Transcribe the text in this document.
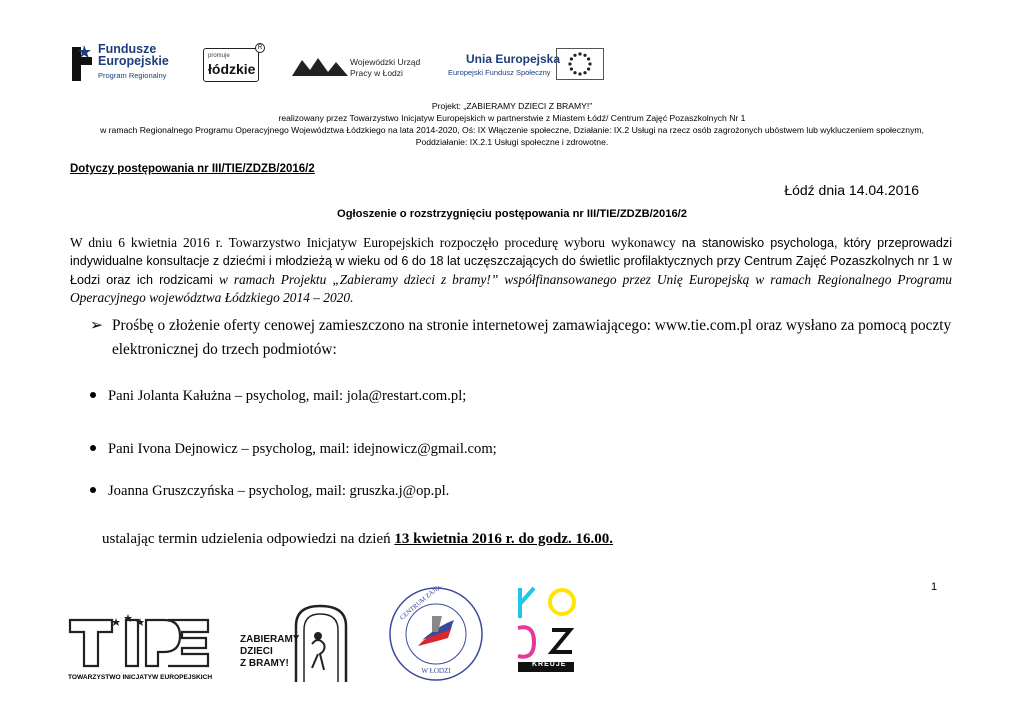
Fundusze
Europejskie
Program Regionalny
promuje
łódzkie
R
Wojewódzki Urząd
Pracy w Łodzi
Unia Europejska
Europejski Fundusz Społeczny
Projekt: „ZABIERAMY DZIECI Z BRAMY!”
realizowany przez Towarzystwo Inicjatyw Europejskich w partnerstwie z Miastem Łódź/ Centrum Zajęć Pozaszkolnych Nr 1
w ramach Regionalnego Programu Operacyjnego Województwa Łódzkiego na lata 2014-2020, Oś: IX Włączenie społeczne, Działanie: IX.2 Usługi na rzecz osób zagrożonych ubóstwem lub wykluczeniem społecznym,
Poddziałanie: IX.2.1 Usługi społeczne i zdrowotne.
Dotyczy postępowania nr III/TIE/ZDZB/2016/2
Łódź dnia 14.04.2016
Ogłoszenie o rozstrzygnięciu postępowania nr III/TIE/ZDZB/2016/2
W dniu 6 kwietnia 2016 r. Towarzystwo Inicjatyw Europejskich rozpoczęło procedurę wyboru wykonawcy na stanowisko psychologa, który przeprowadzi indywidualne konsultacje z dziećmi i młodzieżą w wieku od 6 do 18 lat uczęszczających do świetlic profilaktycznych przy Centrum Zajęć Pozaszkolnych nr 1 w Łodzi oraz ich rodzicami w ramach Projektu „Zabieramy dzieci z bramy!” współfinansowanego przez Unię Europejską w ramach Regionalnego Programu Operacyjnego województwa Łódzkiego 2014 – 2020.
➢ Prośbę o złożenie oferty cenowej zamieszczono na stronie internetowej zamawiającego: www.tie.com.pl oraz wysłano za pomocą poczty elektronicznej do trzech podmiotów:
Pani Jolanta Kałużna – psycholog, mail: jola@restart.com.pl;
Pani Ivona Dejnowicz – psycholog, mail: idejnowicz@gmail.com;
Joanna Gruszczyńska – psycholog, mail: gruszka.j@op.pl.
ustalając termin udzielenia odpowiedzi na dzień 13 kwietnia 2016 r. do godz. 16.00.
1
TOWARZYSTWO INICJATYW EUROPEJSKICH
ZABIERAMY
DZIECI
Z BRAMY!
W ŁODZI
KREUJE
